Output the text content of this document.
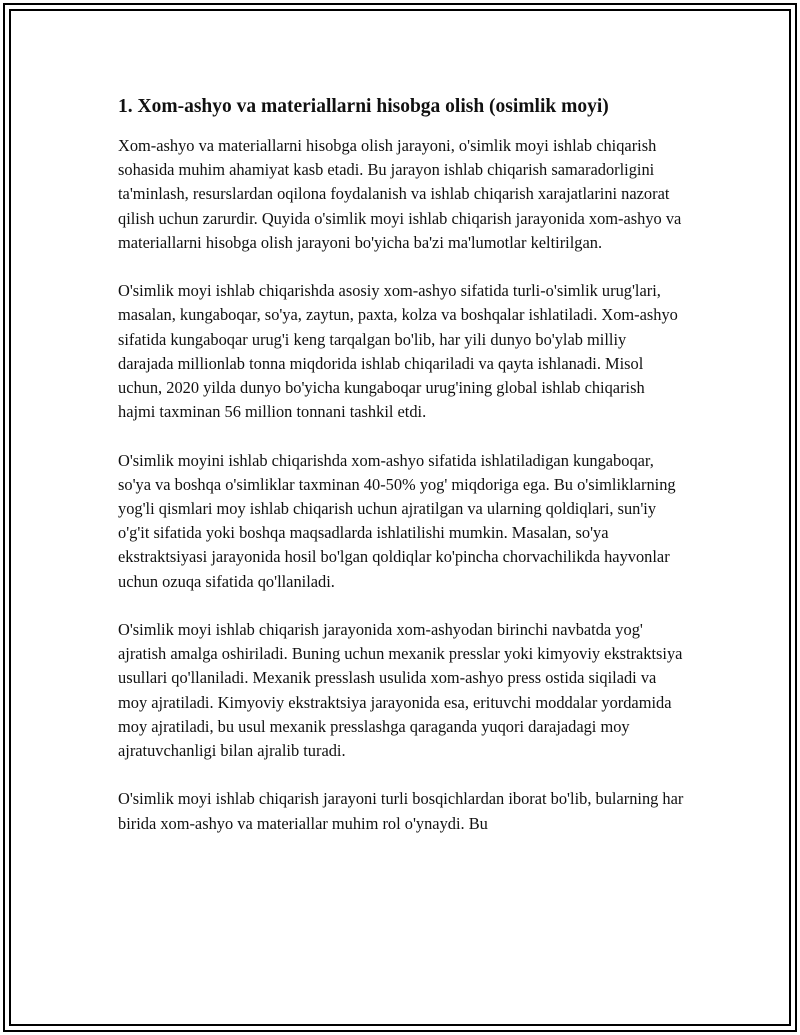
1. Xom-ashyo va materiallarni hisobga olish (osimlik moyi)

Xom-ashyo va materiallarni hisobga olish jarayoni, o'simlik moyi ishlab chiqarish sohasida muhim ahamiyat kasb etadi. Bu jarayon ishlab chiqarish samaradorligini ta'minlash, resurslardan oqilona foydalanish va ishlab chiqarish xarajatlarini nazorat qilish uchun zarurdir. Quyida o'simlik moyi ishlab chiqarish jarayonida xom-ashyo va materiallarni hisobga olish jarayoni bo'yicha ba'zi ma'lumotlar keltirilgan.

O'simlik moyi ishlab chiqarishda asosiy xom-ashyo sifatida turli-o'simlik urug'lari, masalan, kungaboqar, so'ya, zaytun, paxta, kolza va boshqalar ishlatiladi. Xom-ashyo sifatida kungaboqar urug'i keng tarqalgan bo'lib, har yili dunyo bo'ylab milliy darajada millionlab tonna miqdorida ishlab chiqariladi va qayta ishlanadi. Misol uchun, 2020 yilda dunyo bo'yicha kungaboqar urug'ining global ishlab chiqarish hajmi taxminan 56 million tonnani tashkil etdi.

O'simlik moyini ishlab chiqarishda xom-ashyo sifatida ishlatiladigan kungaboqar, so'ya va boshqa o'simliklar taxminan 40-50% yog' miqdoriga ega. Bu o'simliklarning yog'li qismlari moy ishlab chiqarish uchun ajratilgan va ularning qoldiqlari, sun'iy o'g'it sifatida yoki boshqa maqsadlarda ishlatilishi mumkin. Masalan, so'ya ekstraktsiyasi jarayonida hosil bo'lgan qoldiqlar ko'pincha chorvachilikda hayvonlar uchun ozuqa sifatida qo'llaniladi.

O'simlik moyi ishlab chiqarish jarayonida xom-ashyodan birinchi navbatda yog' ajratish amalga oshiriladi. Buning uchun mexanik presslar yoki kimyoviy ekstraktsiya usullari qo'llaniladi. Mexanik presslash usulida xom-ashyo press ostida siqiladi va moy ajratiladi. Kimyoviy ekstraktsiya jarayonida esa, erituvchi moddalar yordamida moy ajratiladi, bu usul mexanik presslashga qaraganda yuqori darajadagi moy ajratuvchanligi bilan ajralib turadi.

O'simlik moyi ishlab chiqarish jarayoni turli bosqichlardan iborat bo'lib, bularning har birida xom-ashyo va materiallar muhim rol o'ynaydi. Bu
